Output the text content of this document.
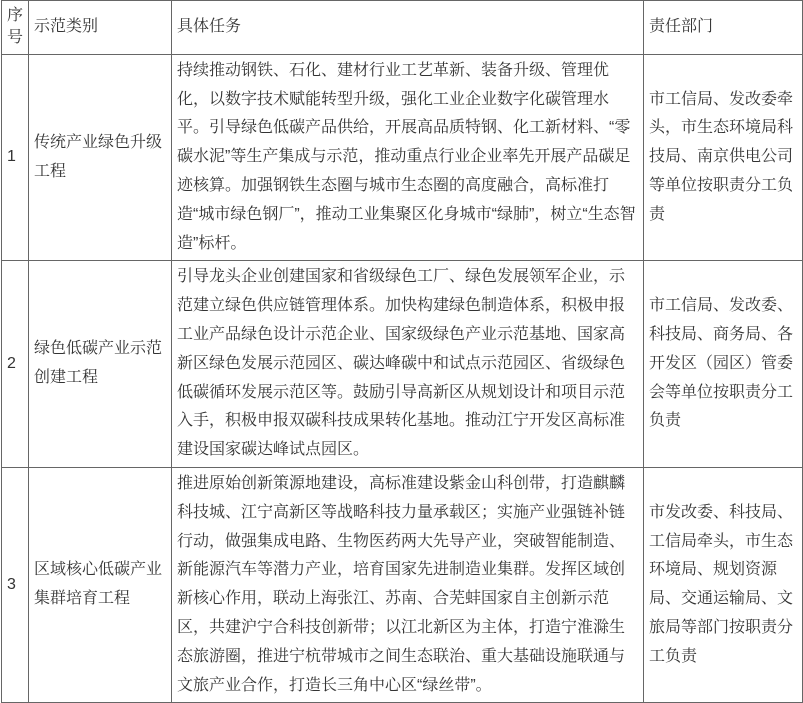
序号	示范类别	具体任务	责任部门
1	传统产业绿色升级工程	持续推动钢铁、石化、建材行业工艺革新、装备升级、管理优化，以数字技术赋能转型升级，强化工业企业数字化碳管理水平。引导绿色低碳产品供给，开展高品质特钢、化工新材料、“零碳水泥”等生产集成与示范，推动重点行业企业率先开展产品碳足迹核算。加强钢铁生态圈与城市生态圈的高度融合，高标准打造“城市绿色钢厂”，推动工业集聚区化身城市“绿肺”，树立“生态智造”标杆。	市工信局、发改委牵头，市生态环境局科技局、南京供电公司等单位按职责分工负责
2	绿色低碳产业示范创建工程	引导龙头企业创建国家和省级绿色工厂、绿色发展领军企业，示范建立绿色供应链管理体系。加快构建绿色制造体系，积极申报工业产品绿色设计示范企业、国家级绿色产业示范基地、国家高新区绿色发展示范园区、碳达峰碳中和试点示范园区、省级绿色低碳循环发展示范区等。鼓励引导高新区从规划设计和项目示范入手，积极申报双碳科技成果转化基地。推动江宁开发区高标准建设国家碳达峰试点园区。	市工信局、发改委、科技局、商务局、各开发区（园区）管委会等单位按职责分工负责
3	区域核心低碳产业集群培育工程	推进原始创新策源地建设，高标准建设紫金山科创带，打造麒麟科技城、江宁高新区等战略科技力量承载区；实施产业强链补链行动，做强集成电路、生物医药两大先导产业，突破智能制造、新能源汽车等潜力产业，培育国家先进制造业集群。发挥区域创新核心作用，联动上海张江、苏南、合芜蚌国家自主创新示范区，共建沪宁合科技创新带；以江北新区为主体，打造宁淮滁生态旅游圈，推进宁杭带城市之间生态联治、重大基础设施联通与文旅产业合作，打造长三角中心区“绿丝带”。	市发改委、科技局、工信局牵头，市生态环境局、规划资源局、交通运输局、文旅局等部门按职责分工负责
